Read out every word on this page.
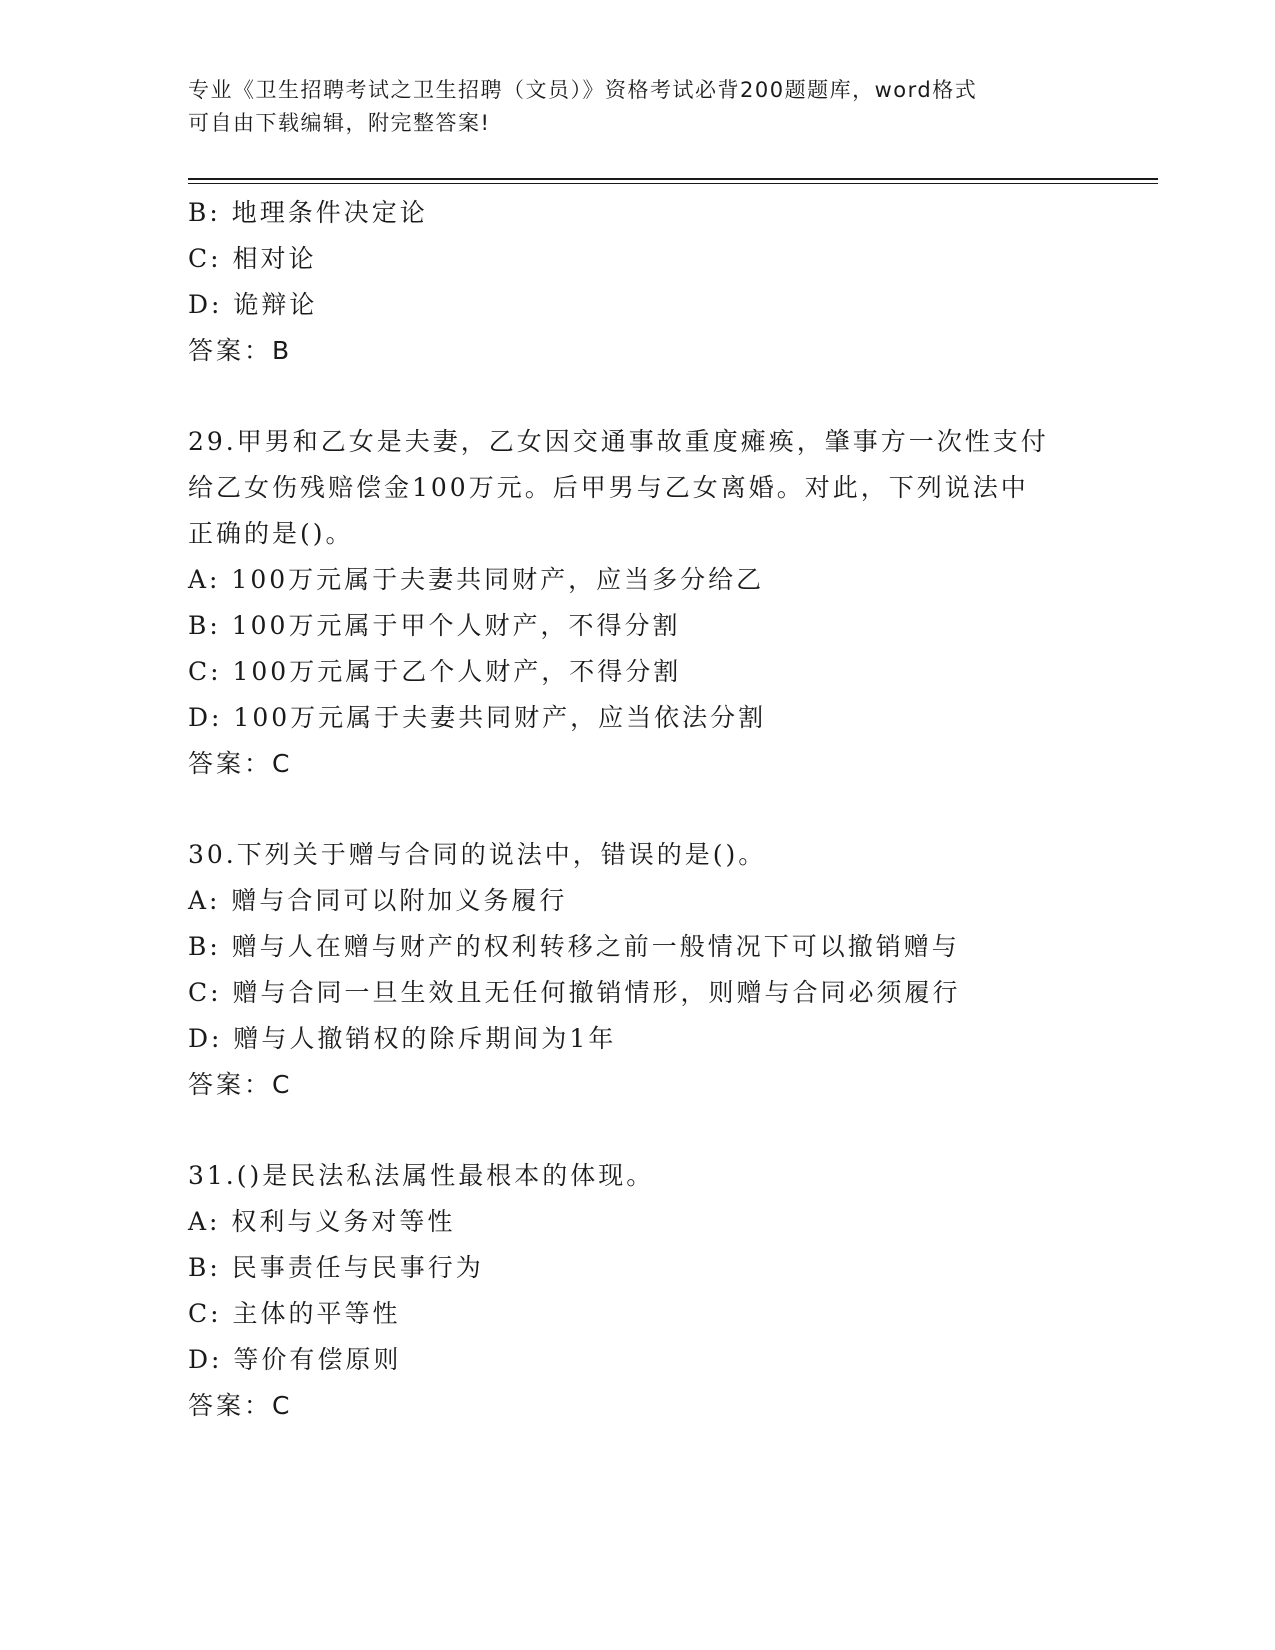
专业《卫生招聘考试之卫生招聘（文员）》资格考试必背200题题库，word格式

可自由下载编辑，附完整答案!

B: 地理条件决定论
C: 相对论
D: 诡辩论
答案：B
29.甲男和乙女是夫妻，乙女因交通事故重度瘫痪，肇事方一次性支付
给乙女伤残赔偿金100万元。后甲男与乙女离婚。对此，下列说法中
正确的是()。
A: 100万元属于夫妻共同财产，应当多分给乙
B: 100万元属于甲个人财产，不得分割
C: 100万元属于乙个人财产，不得分割
D: 100万元属于夫妻共同财产，应当依法分割
答案：C
30.下列关于赠与合同的说法中，错误的是()。
A: 赠与合同可以附加义务履行
B: 赠与人在赠与财产的权利转移之前一般情况下可以撤销赠与
C: 赠与合同一旦生效且无任何撤销情形，则赠与合同必须履行
D: 赠与人撤销权的除斥期间为1年
答案：C
31.()是民法私法属性最根本的体现。
A: 权利与义务对等性
B: 民事责任与民事行为
C: 主体的平等性
D: 等价有偿原则
答案：C
